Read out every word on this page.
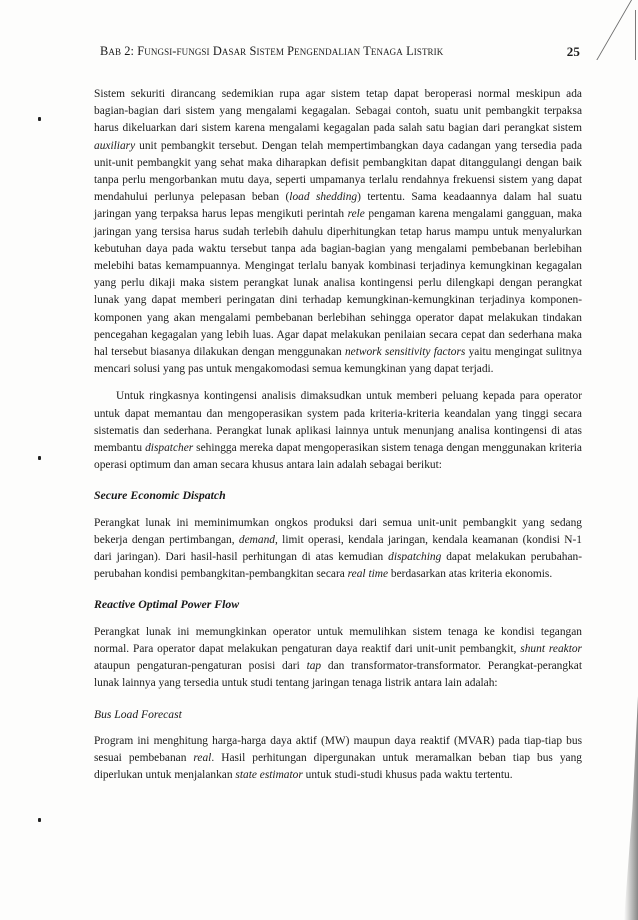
Bab 2: Fungsi-fungsi Dasar Sistem Pengendalian Tenaga Listrik	25

Sistem sekuriti dirancang sedemikian rupa agar sistem tetap dapat beroperasi normal meskipun ada bagian-bagian dari sistem yang mengalami kegagalan. Sebagai contoh, suatu unit pembangkit terpaksa harus dikeluarkan dari sistem karena mengalami kegagalan pada salah satu bagian dari perangkat sistem auxiliary unit pembangkit tersebut. Dengan telah mempertimbangkan daya cadangan yang tersedia pada unit-unit pembangkit yang sehat maka diharapkan defisit pembangkitan dapat ditanggulangi dengan baik tanpa perlu mengorbankan mutu daya, seperti umpamanya terlalu rendahnya frekuensi sistem yang dapat mendahului perlunya pelepasan beban (load shedding) tertentu. Sama keadaannya dalam hal suatu jaringan yang terpaksa harus lepas mengikuti perintah rele pengaman karena mengalami gangguan, maka jaringan yang tersisa harus sudah terlebih dahulu diperhitungkan tetap harus mampu untuk menyalurkan kebutuhan daya pada waktu tersebut tanpa ada bagian-bagian yang mengalami pembebanan berlebihan melebihi batas kemampuannya. Mengingat terlalu banyak kombinasi terjadinya kemungkinan kegagalan yang perlu dikaji maka sistem perangkat lunak analisa kontingensi perlu dilengkapi dengan perangkat lunak yang dapat memberi peringatan dini terhadap kemungkinan-kemungkinan terjadinya komponen-komponen yang akan mengalami pembebanan berlebihan sehingga operator dapat melakukan tindakan pencegahan kegagalan yang lebih luas. Agar dapat melakukan penilaian secara cepat dan sederhana maka hal tersebut biasanya dilakukan dengan menggunakan network sensitivity factors yaitu mengingat sulitnya mencari solusi yang pas untuk mengakomodasi semua kemungkinan yang dapat terjadi.

Untuk ringkasnya kontingensi analisis dimaksudkan untuk memberi peluang kepada para operator untuk dapat memantau dan mengoperasikan system pada kriteria-kriteria keandalan yang tinggi secara sistematis dan sederhana. Perangkat lunak aplikasi lainnya untuk menunjang analisa kontingensi di atas membantu dispatcher sehingga mereka dapat mengoperasikan sistem tenaga dengan menggunakan kriteria operasi optimum dan aman secara khusus antara lain adalah sebagai berikut:

Secure Economic Dispatch

Perangkat lunak ini meminimumkan ongkos produksi dari semua unit-unit pembangkit yang sedang bekerja dengan pertimbangan, demand, limit operasi, kendala jaringan, kendala keamanan (kondisi N-1 dari jaringan). Dari hasil-hasil perhitungan di atas kemudian dispatching dapat melakukan perubahan-perubahan kondisi pembangkitan-pembangkitan secara real time berdasarkan atas kriteria ekonomis.

Reactive Optimal Power Flow

Perangkat lunak ini memungkinkan operator untuk memulihkan sistem tenaga ke kondisi tegangan normal. Para operator dapat melakukan pengaturan daya reaktif dari unit-unit pembangkit, shunt reaktor ataupun pengaturan-pengaturan posisi dari tap dan transformator-transformator. Perangkat-perangkat lunak lainnya yang tersedia untuk studi tentang jaringan tenaga listrik antara lain adalah:

Bus Load Forecast

Program ini menghitung harga-harga daya aktif (MW) maupun daya reaktif (MVAR) pada tiap-tiap bus sesuai pembebanan real. Hasil perhitungan dipergunakan untuk meramalkan beban tiap bus yang diperlukan untuk menjalankan state estimator untuk studi-studi khusus pada waktu tertentu.
